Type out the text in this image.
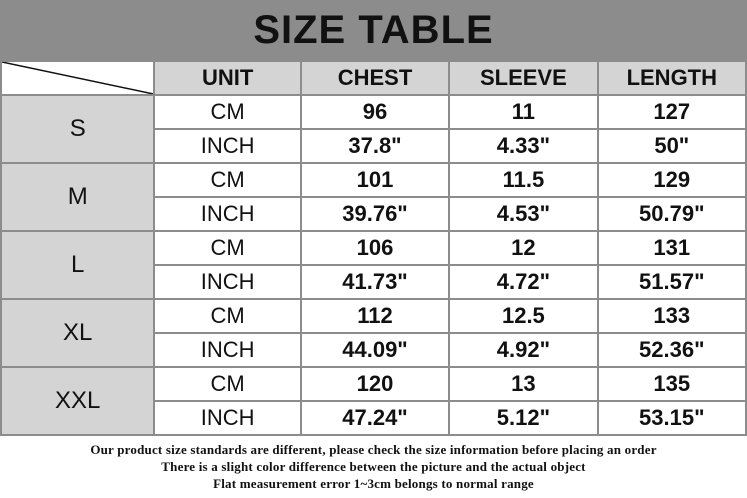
SIZE TABLE
	UNIT	CHEST	SLEEVE	LENGTH
S	CM	96	11	127
	INCH	37.8"	4.33"	50"
M	CM	101	11.5	129
	INCH	39.76"	4.53"	50.79"
L	CM	106	12	131
	INCH	41.73"	4.72"	51.57"
XL	CM	112	12.5	133
	INCH	44.09"	4.92"	52.36"
XXL	CM	120	13	135
	INCH	47.24"	5.12"	53.15"
Our product size standards are different, please check the size information before placing an order
There is a slight color difference between the picture and the actual object
Flat measurement error 1~3cm belongs to normal range
